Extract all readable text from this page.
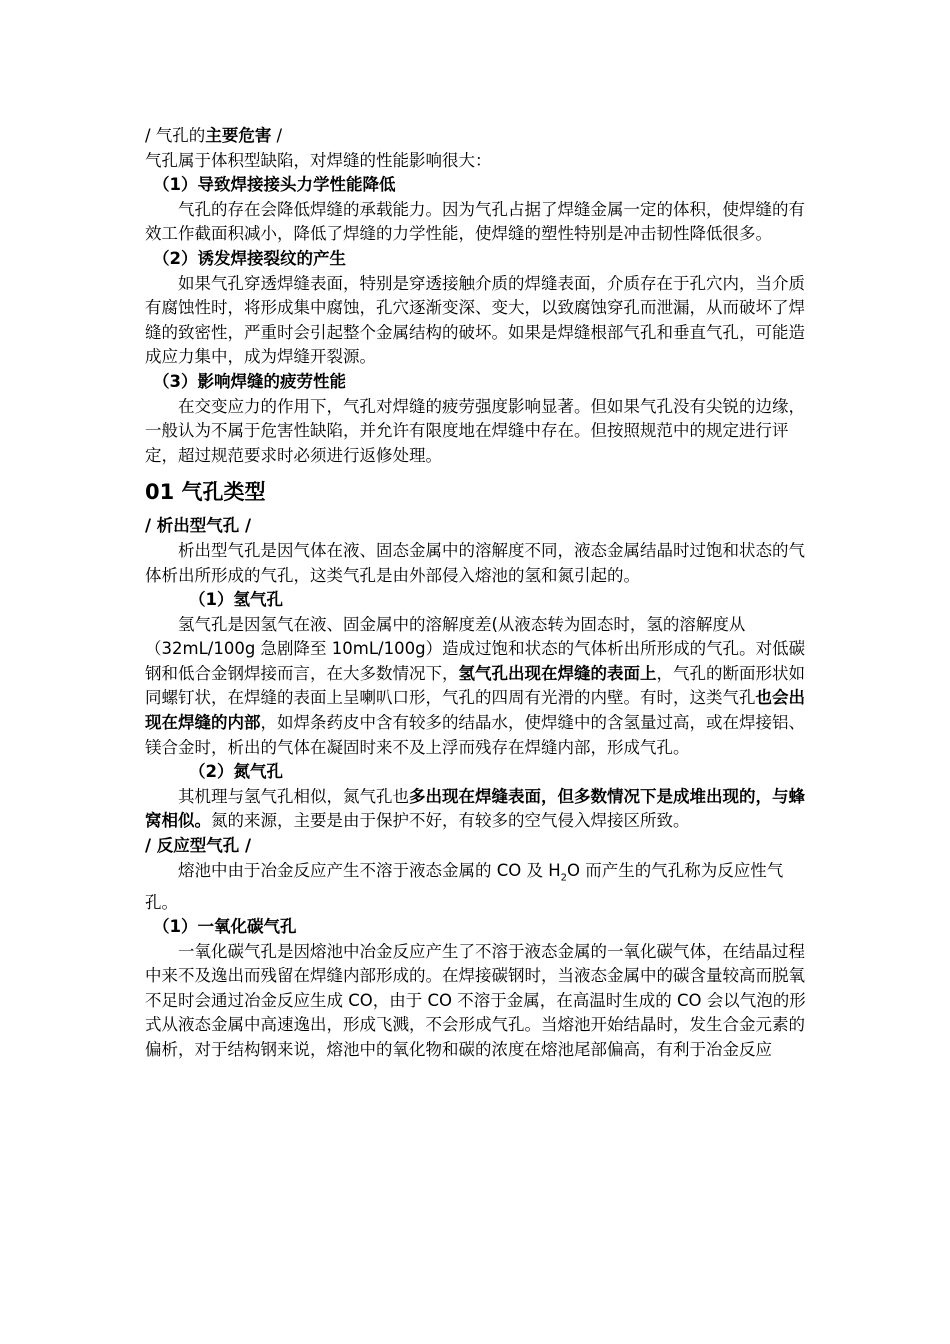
/ 气孔的主要危害 /
气孔属于体积型缺陷，对焊缝的性能影响很大：
（1）导致焊接接头力学性能降低

气孔的存在会降低焊缝的承载能力。因为气孔占据了焊缝金属一定的体积，使焊缝的有效工作截面积减小，降低了焊缝的力学性能，使焊缝的塑性特别是冲击韧性降低很多。

（2）诱发焊接裂纹的产生

如果气孔穿透焊缝表面，特别是穿透接触介质的焊缝表面，介质存在于孔穴内，当介质有腐蚀性时，将形成集中腐蚀，孔穴逐渐变深、变大，以致腐蚀穿孔而泄漏，从而破坏了焊缝的致密性，严重时会引起整个金属结构的破坏。如果是焊缝根部气孔和垂直气孔，可能造成应力集中，成为焊缝开裂源。

（3）影响焊缝的疲劳性能

在交变应力的作用下，气孔对焊缝的疲劳强度影响显著。但如果气孔没有尖锐的边缘，一般认为不属于危害性缺陷，并允许有限度地在焊缝中存在。但按照规范中的规定进行评定，超过规范要求时必须进行返修处理。

01 气孔类型
/ 析出型气孔 /

析出型气孔是因气体在液、固态金属中的溶解度不同，液态金属结晶时过饱和状态的气体析出所形成的气孔，这类气孔是由外部侵入熔池的氢和氮引起的。

（1）氢气孔

氢气孔是因氢气在液、固金属中的溶解度差(从液态转为固态时，氢的溶解度从（32mL/100g 急剧降至 10mL/100g）造成过饱和状态的气体析出所形成的气孔。对低碳钢和低合金钢焊接而言，在大多数情况下，氢气孔出现在焊缝的表面上，气孔的断面形状如同螺钉状，在焊缝的表面上呈喇叭口形，气孔的四周有光滑的内壁。有时，这类气孔也会出现在焊缝的内部，如焊条药皮中含有较多的结晶水，使焊缝中的含氢量过高，或在焊接铝、镁合金时，析出的气体在凝固时来不及上浮而残存在焊缝内部，形成气孔。

（2）氮气孔

其机理与氢气孔相似，氮气孔也多出现在焊缝表面，但多数情况下是成堆出现的，与蜂窝相似。氮的来源，主要是由于保护不好，有较多的空气侵入焊接区所致。

/ 反应型气孔 /

熔池中由于冶金反应产生不溶于液态金属的 CO 及 $H_2O$ 而产生的气孔称为反应性气孔。

（1）一氧化碳气孔

一氧化碳气孔是因熔池中冶金反应产生了不溶于液态金属的一氧化碳气体，在结晶过程中来不及逸出而残留在焊缝内部形成的。在焊接碳钢时，当液态金属中的碳含量较高而脱氧不足时会通过冶金反应生成 CO，由于 CO 不溶于金属，在高温时生成的 CO 会以气泡的形式从液态金属中高速逸出，形成飞溅，不会形成气孔。当熔池开始结晶时，发生合金元素的偏析，对于结构钢来说，熔池中的氧化物和碳的浓度在熔池尾部偏高，有利于冶金反应
